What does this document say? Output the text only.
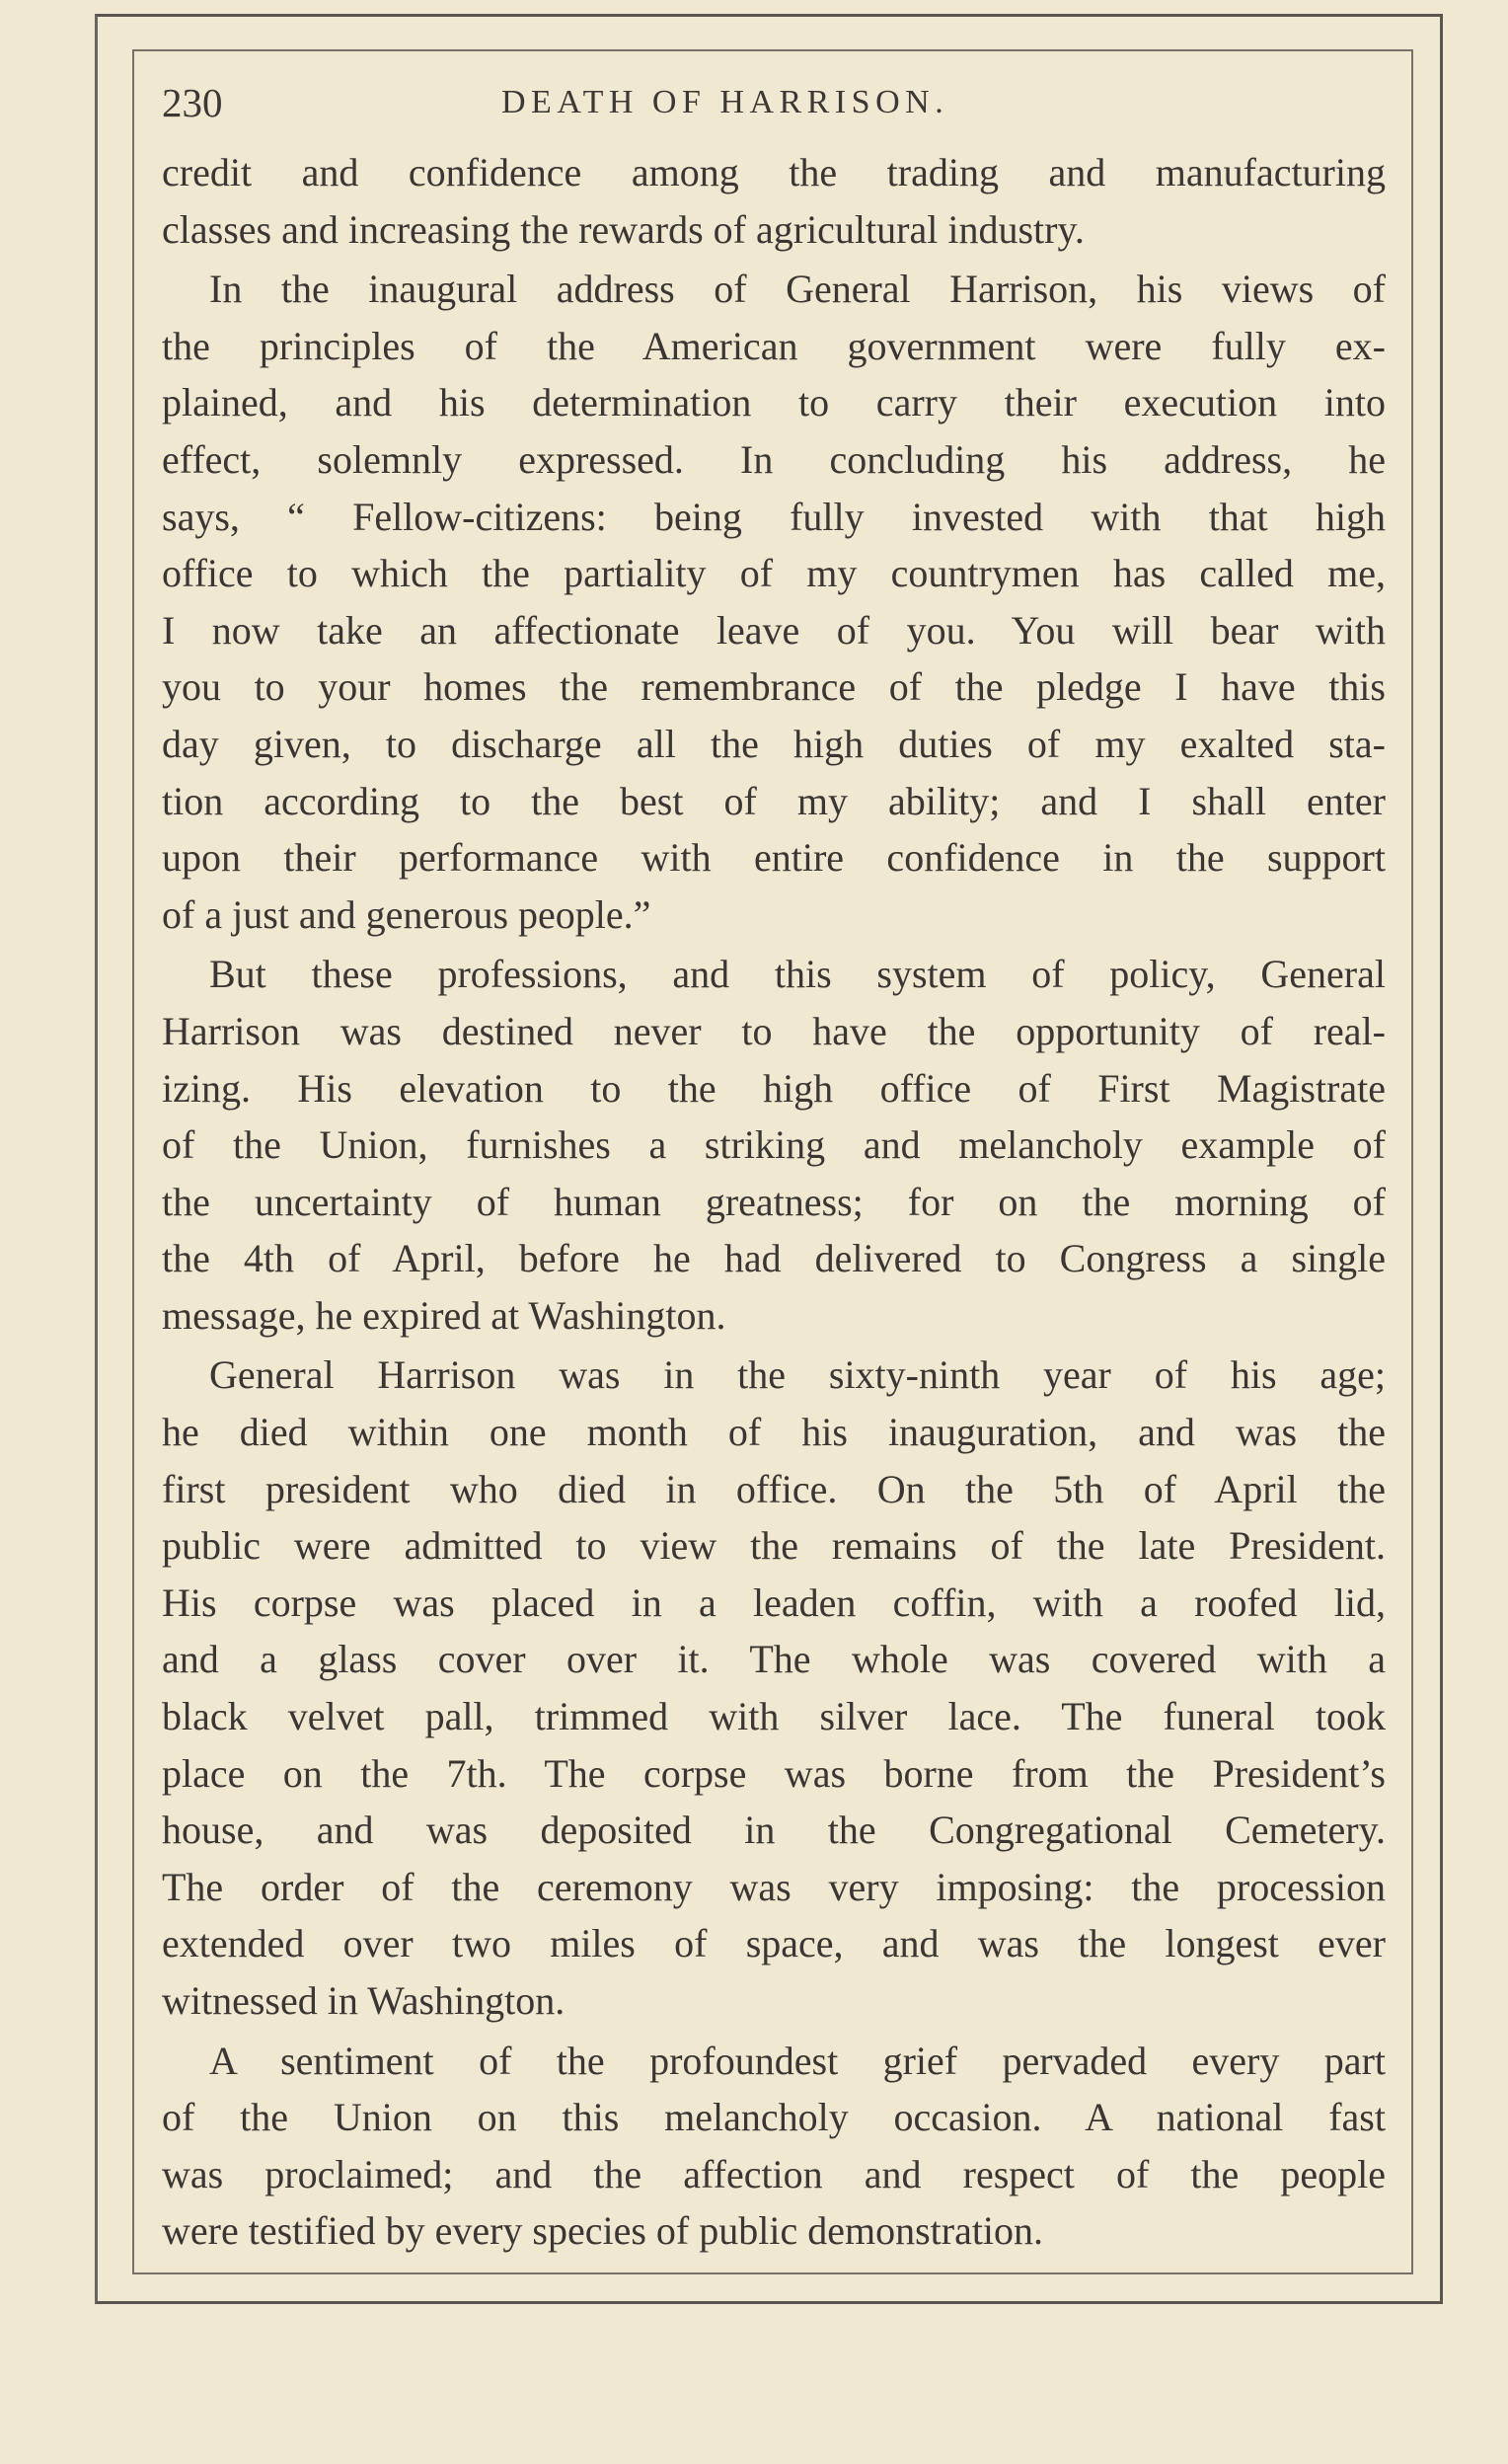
230	DEATH OF HARRISON.
credit and confidence among the trading and manufacturing
classes and increasing the rewards of agricultural industry.
In the inaugural address of General Harrison, his views of
the principles of the American government were fully ex-
plained, and his determination to carry their execution into
effect, solemnly expressed. In concluding his address, he
says, “ Fellow-citizens: being fully invested with that high
office to which the partiality of my countrymen has called me,
I now take an affectionate leave of you. You will bear with
you to your homes the remembrance of the pledge I have this
day given, to discharge all the high duties of my exalted sta-
tion according to the best of my ability; and I shall enter
upon their performance with entire confidence in the support
of a just and generous people.”
But these professions, and this system of policy, General
Harrison was destined never to have the opportunity of real-
izing. His elevation to the high office of First Magistrate
of the Union, furnishes a striking and melancholy example of
the uncertainty of human greatness; for on the morning of
the 4th of April, before he had delivered to Congress a single
message, he expired at Washington.
General Harrison was in the sixty-ninth year of his age;
he died within one month of his inauguration, and was the
first president who died in office. On the 5th of April the
public were admitted to view the remains of the late President.
His corpse was placed in a leaden coffin, with a roofed lid,
and a glass cover over it. The whole was covered with a
black velvet pall, trimmed with silver lace. The funeral took
place on the 7th. The corpse was borne from the President’s
house, and was deposited in the Congregational Cemetery.
The order of the ceremony was very imposing: the procession
extended over two miles of space, and was the longest ever
witnessed in Washington.
A sentiment of the profoundest grief pervaded every part
of the Union on this melancholy occasion. A national fast
was proclaimed; and the affection and respect of the people
were testified by every species of public demonstration.
